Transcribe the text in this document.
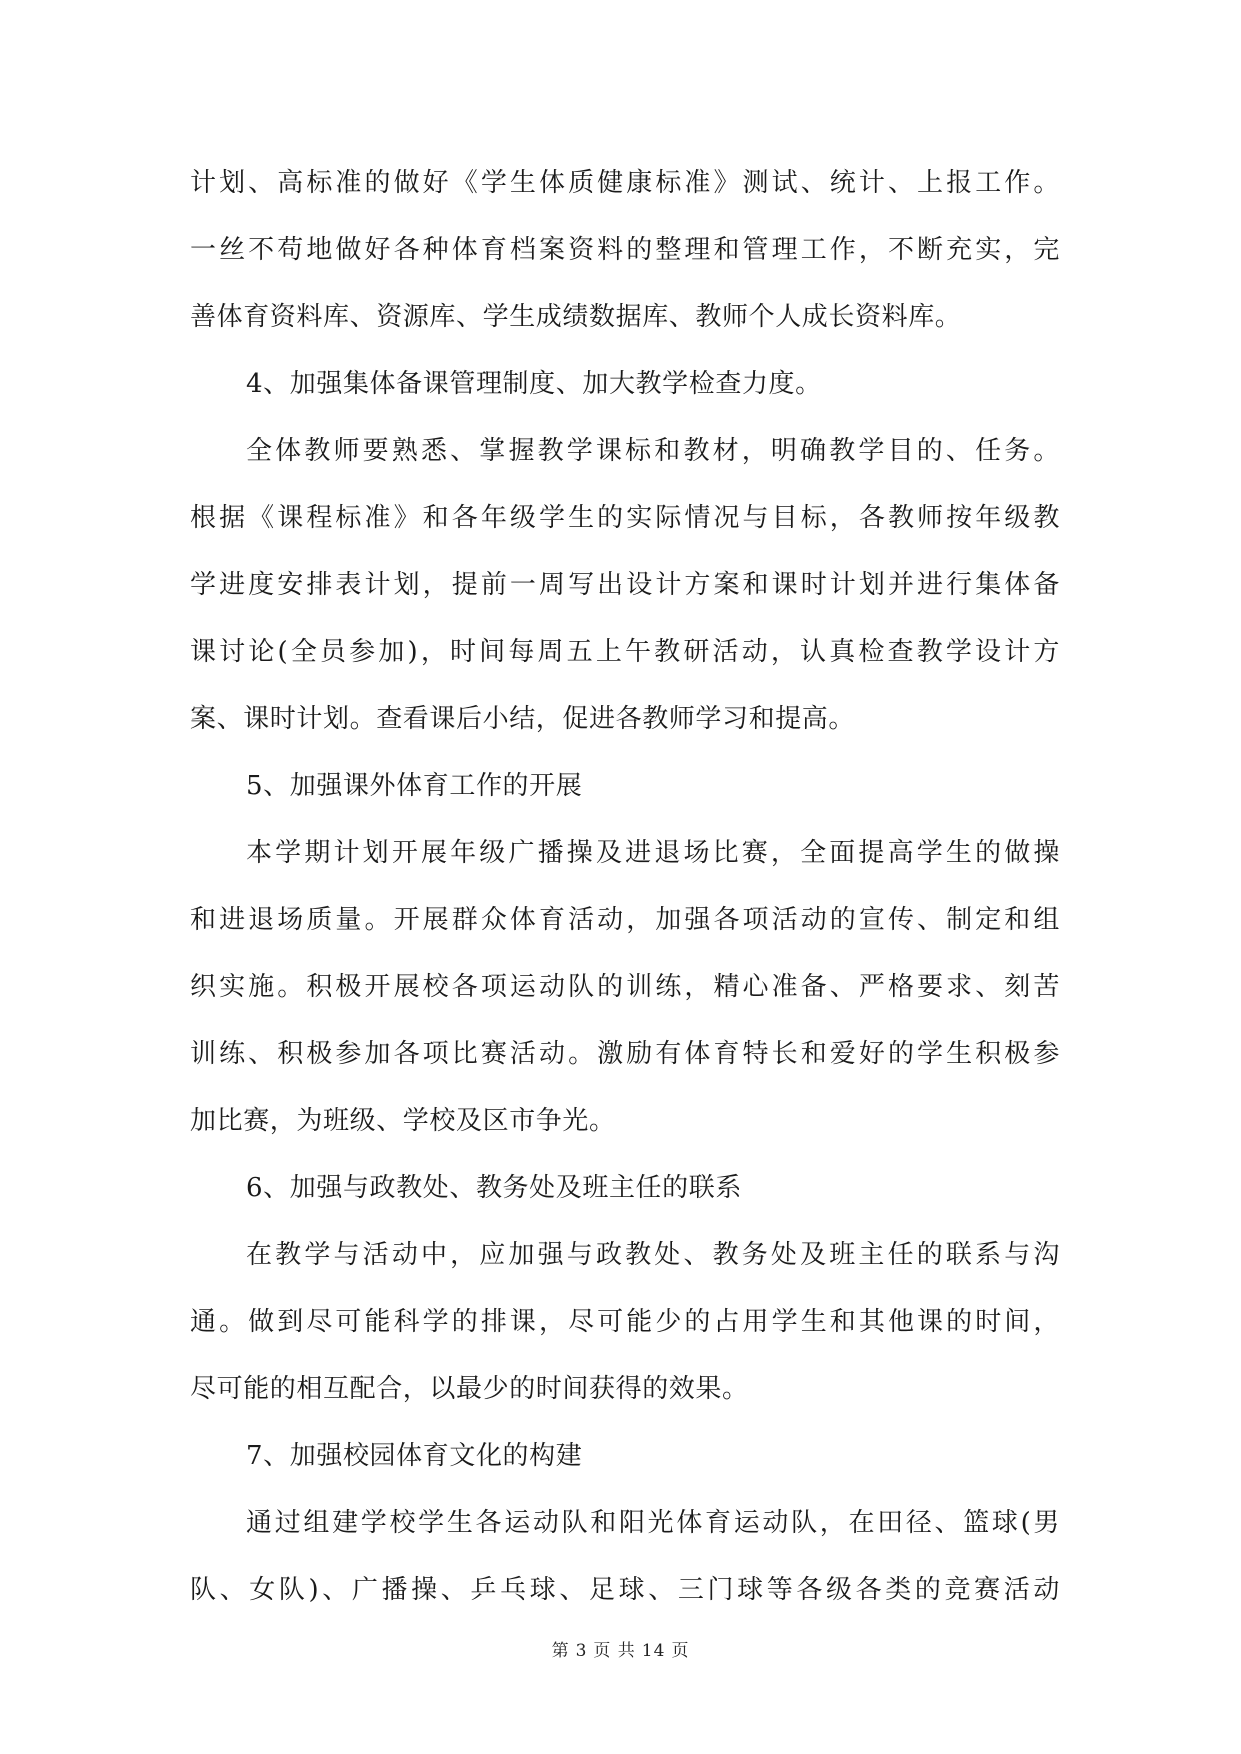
计划、高标准的做好《学生体质健康标准》测试、统计、上报工作。
一丝不苟地做好各种体育档案资料的整理和管理工作，不断充实，完
善体育资料库、资源库、学生成绩数据库、教师个人成长资料库。
4、加强集体备课管理制度、加大教学检查力度。
全体教师要熟悉、掌握教学课标和教材，明确教学目的、任务。
根据《课程标准》和各年级学生的实际情况与目标，各教师按年级教
学进度安排表计划，提前一周写出设计方案和课时计划并进行集体备
课讨论(全员参加)，时间每周五上午教研活动，认真检查教学设计方
案、课时计划。查看课后小结，促进各教师学习和提高。
5、加强课外体育工作的开展
本学期计划开展年级广播操及进退场比赛，全面提高学生的做操
和进退场质量。开展群众体育活动，加强各项活动的宣传、制定和组
织实施。积极开展校各项运动队的训练，精心准备、严格要求、刻苦
训练、积极参加各项比赛活动。激励有体育特长和爱好的学生积极参
加比赛，为班级、学校及区市争光。
6、加强与政教处、教务处及班主任的联系
在教学与活动中，应加强与政教处、教务处及班主任的联系与沟
通。做到尽可能科学的排课，尽可能少的占用学生和其他课的时间，
尽可能的相互配合，以最少的时间获得的效果。
7、加强校园体育文化的构建
通过组建学校学生各运动队和阳光体育运动队，在田径、篮球(男
队、女队)、广播操、乒乓球、足球、三门球等各级各类的竞赛活动
第 3 页 共 14 页
